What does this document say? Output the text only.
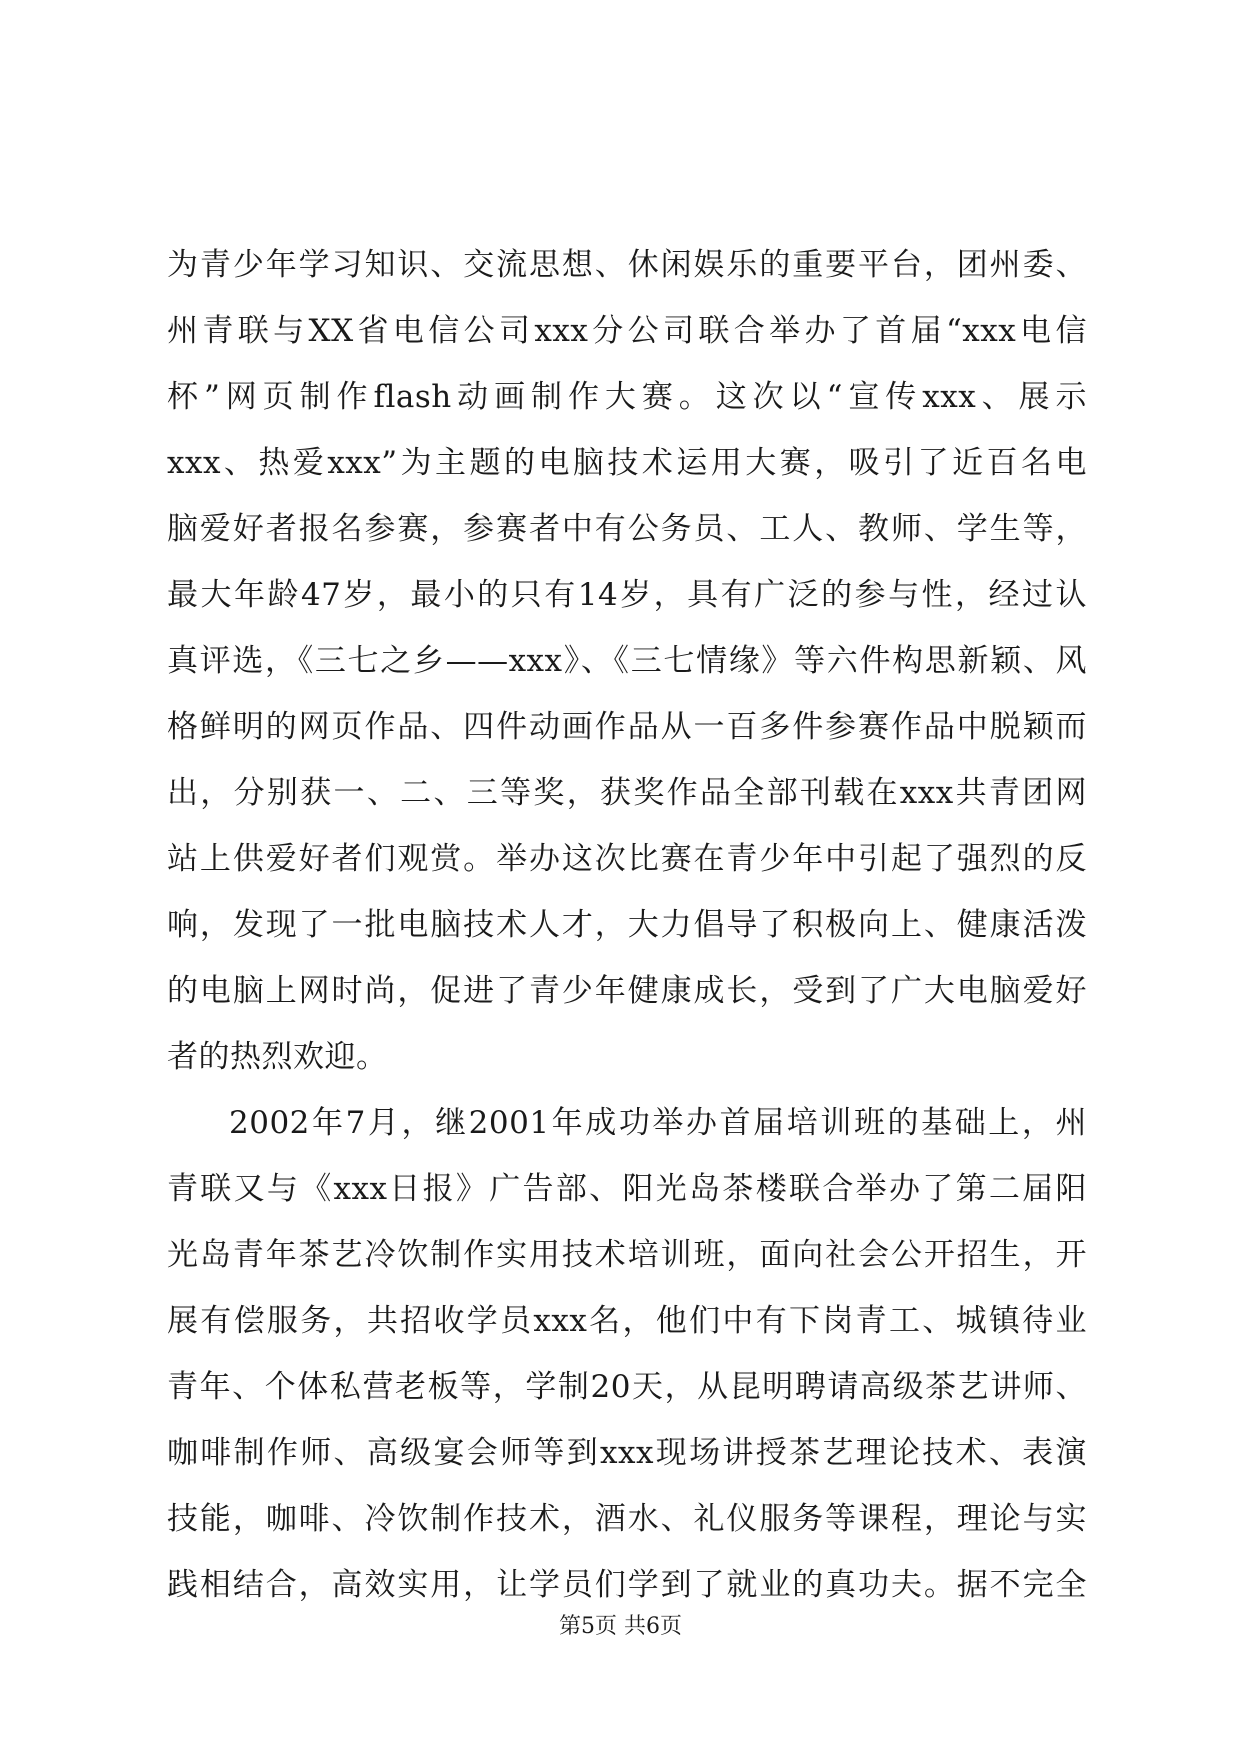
为青少年学习知识、交流思想、休闲娱乐的重要平台，团州委、
州青联与XX省电信公司xxx分公司联合举办了首届“xxx电信
杯”网页制作flash动画制作大赛。这次以“宣传xxx、展示
xxx、热爱xxx”为主题的电脑技术运用大赛，吸引了近百名电
脑爱好者报名参赛，参赛者中有公务员、工人、教师、学生等，
最大年龄47岁，最小的只有14岁，具有广泛的参与性，经过认
真评选，《三七之乡——xxx》、《三七情缘》等六件构思新颖、风
格鲜明的网页作品、四件动画作品从一百多件参赛作品中脱颖而
出，分别获一、二、三等奖，获奖作品全部刊载在xxx共青团网
站上供爱好者们观赏。举办这次比赛在青少年中引起了强烈的反
响，发现了一批电脑技术人才，大力倡导了积极向上、健康活泼
的电脑上网时尚，促进了青少年健康成长，受到了广大电脑爱好
者的热烈欢迎。
2002年7月，继2001年成功举办首届培训班的基础上，州
青联又与《xxx日报》广告部、阳光岛茶楼联合举办了第二届阳
光岛青年茶艺冷饮制作实用技术培训班，面向社会公开招生，开
展有偿服务，共招收学员xxx名，他们中有下岗青工、城镇待业
青年、个体私营老板等，学制20天，从昆明聘请高级茶艺讲师、
咖啡制作师、高级宴会师等到xxx现场讲授茶艺理论技术、表演
技能，咖啡、冷饮制作技术，酒水、礼仪服务等课程，理论与实
践相结合，高效实用，让学员们学到了就业的真功夫。据不完全
第5页 共6页
